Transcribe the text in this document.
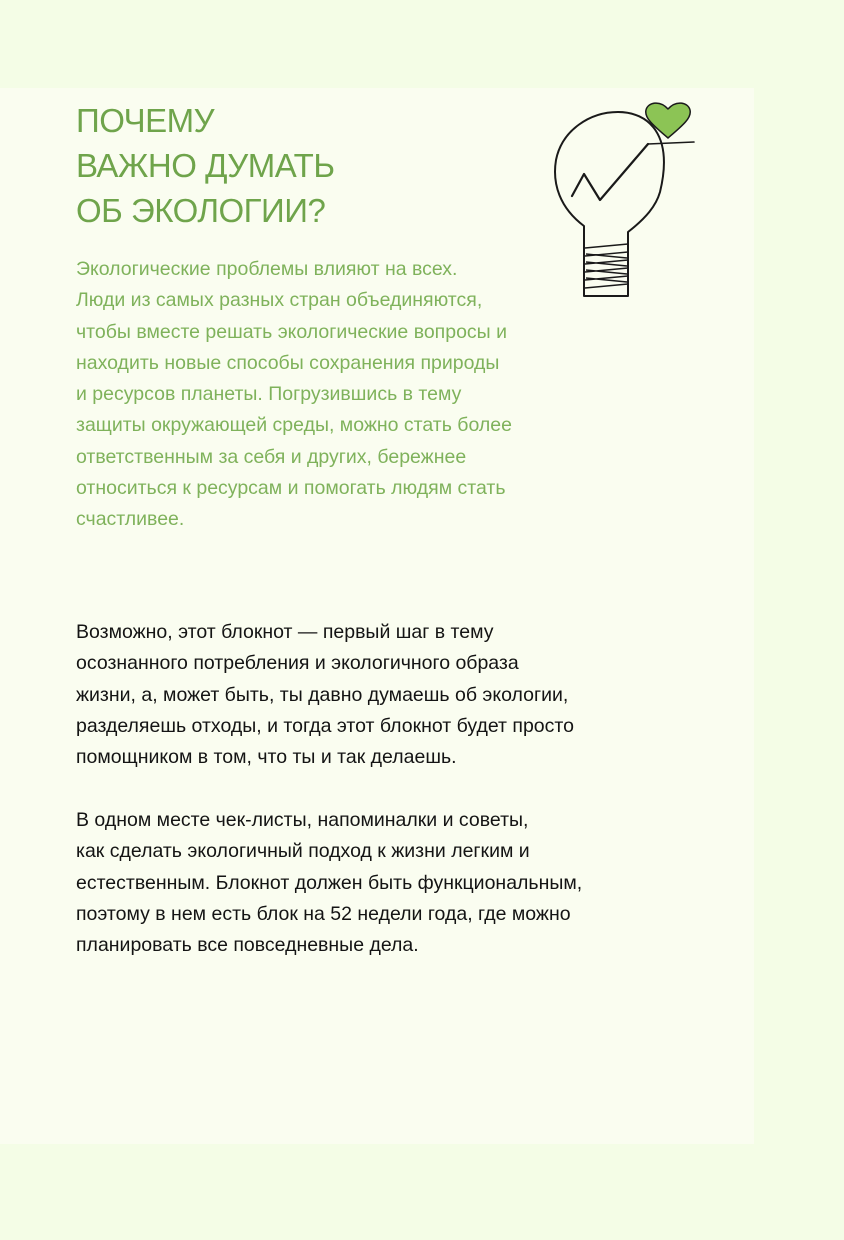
ПОЧЕМУ
ВАЖНО ДУМАТЬ
ОБ ЭКОЛОГИИ?

Экологические проблемы влияют на всех.
Люди из самых разных стран объединяются,
чтобы вместе решать экологические вопросы и
находить новые способы сохранения природы
и ресурсов планеты. Погрузившись в тему
защиты окружающей среды, можно стать более
ответственным за себя и других, бережнее
относиться к ресурсам и помогать людям стать
счастливее.

Возможно, этот блокнот — первый шаг в тему
осознанного потребления и экологичного образа
жизни, а, может быть, ты давно думаешь об экологии,
разделяешь отходы, и тогда этот блокнот будет просто
помощником в том, что ты и так делаешь.

В одном месте чек-листы, напоминалки и советы,
как сделать экологичный подход к жизни легким и
естественным. Блокнот должен быть функциональным,
поэтому в нем есть блок на 52 недели года, где можно
планировать все повседневные дела.
